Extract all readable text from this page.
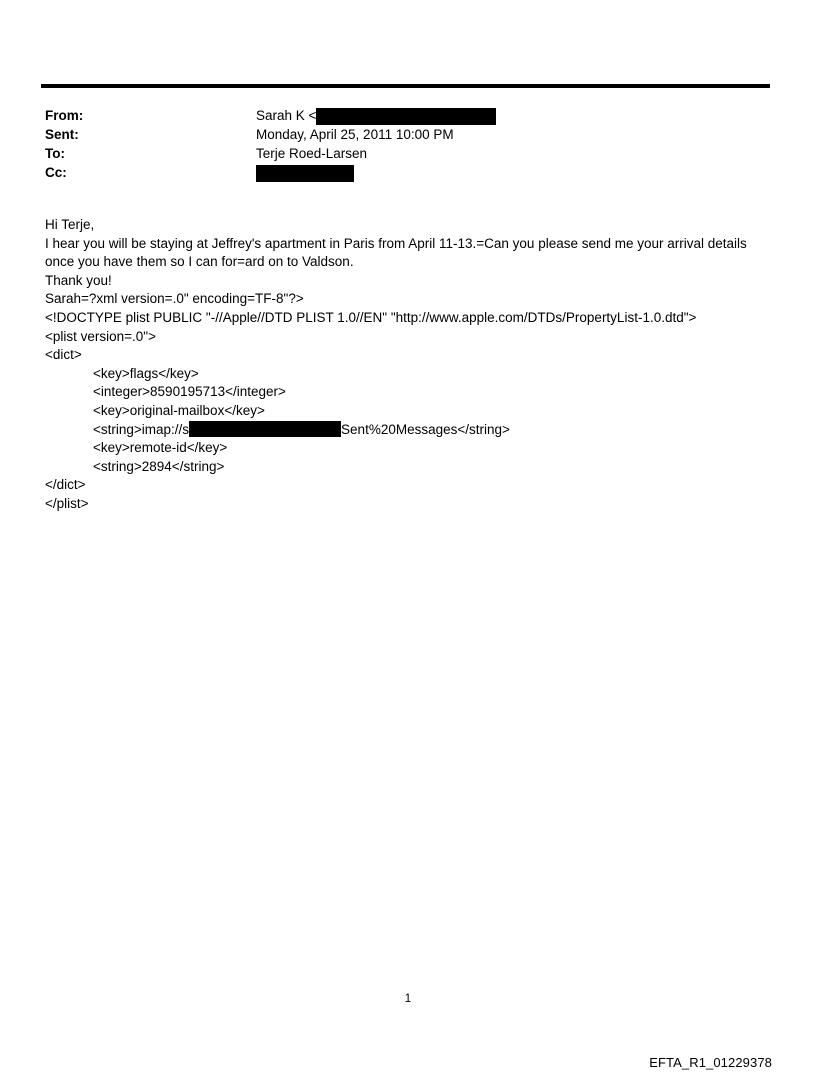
From:	Sarah K <
Sent:	Monday, April 25, 2011 10:00 PM
To:	Terje Roed-Larsen
Cc:

Hi Terje,

I hear you will be staying at Jeffrey's apartment in Paris from April 11-13.=Can you please send me your arrival details

once you have them so I can for=ard on to Valdson.

Thank you!

Sarah=?xml version=.0" encoding=TF-8"?>

<!DOCTYPE plist PUBLIC "-//Apple//DTD PLIST 1.0//EN" "http://www.apple.com/DTDs/PropertyList-1.0.dtd">

<plist version=.0">

<dict>

<key>flags</key>

<integer>8590195713</integer>

<key>original-mailbox</key>

<string>imap://s	Sent%20Messages</string>

<key>remote-id</key>

<string>2894</string>

</dict>

</plist>

1
EFTA_R1_01229378
